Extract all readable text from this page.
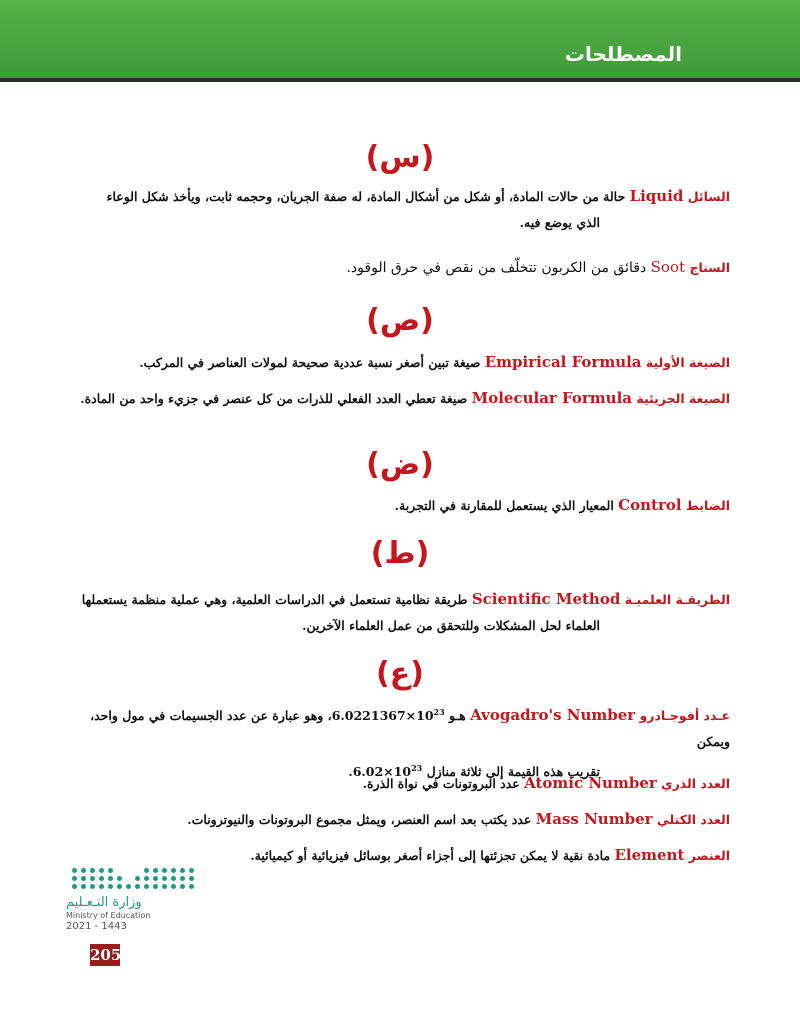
المصطلحات
(س)
السائل Liquid حالة من حالات المادة، أو شكل من أشكال المادة، له صفة الجريان، وحجمه ثابت، ويأخذ شكل الوعاء
الذي يوضع فيه.
السناج Soot دقائق من الكربون تتخلّف من نقص في حرق الوقود.
(ص)
الصيغة الأولية Empirical Formula صيغة تبين أصغر نسبة عددية صحيحة لمولات العناصر في المركب.
الصيغة الجزيئية Molecular Formula صيغة تعطي العدد الفعلي للذرات من كل عنصر في جزيء واحد من المادة.
(ض)
الضابط Control المعيار الذي يستعمل للمقارنة في التجربة.
(ط)
الطريقـة العلميـة Scientific Method طريقة نظامية تستعمل في الدراسات العلمية، وهي عملية منظمة يستعملها
العلماء لحل المشكلات وللتحقق من عمل العلماء الآخرين.
(ع)
عـدد أفوجـادرو Avogadro's Number هـو $6.0221367\times 10^{23}،$ وهو عبارة عن عدد الجسيمات في مول واحد، ويمكن
تقريب هذه القيمة إلى ثلاثة منازل $6.02\times 10^{23}$.
العدد الذري Atomic Number عدد البروتونات في نواة الذرة.
العدد الكتلي Mass Number عدد يكتب بعد اسم العنصر، ويمثل مجموع البروتونات والنيوترونات.
العنصر Element مادة نقية لا يمكن تجزئتها إلى أجزاء أصغر بوسائل فيزيائية أو كيميائية.
وزارة التـعـليم
Ministry of Education
2021 - 1443
205
